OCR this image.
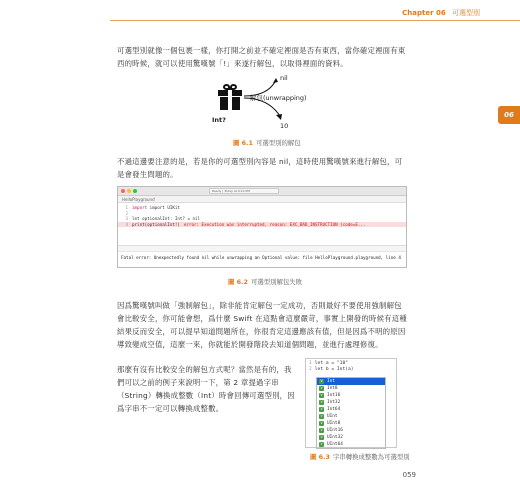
Chapter 06 可選型別
06

可選型別就像一個包裹一樣，你打開之前並不確定裡面是否有東西，當你確定裡面有東西的時候，就可以使用驚嘆號「!」來遂行解包，以取得裡面的資料。

nil
解包(unwrapping)
Int?
10
圖 6.1 可選型別的解包

不過這邊要注意的是，若是你的可選型別內容是 nil，這時使用驚嘆號來進行解包，可是會發生問題的。

Ready | Today at 9:10 PM
HelloPlayground
1 import import UIKit
2
3 let optionalInt: Int? = nil
4 print(optionalInt!) error: Execution was interrupted, reason: EXC_BAD_INSTRUCTION (code=E...
Fatal error: Unexpectedly found nil while unwrapping an Optional value: file HelloPlayground.playground, line 4
圖 6.2 可選型別解包失敗

因爲驚嘆號叫做「強制解包」，除非能肯定解包一定成功，否則最好不要使用強制解包會比較安全，你可能會想，爲什麼 Swift 在這點會這麼嚴苛，事實上開發的時候有這種結果反而安全，可以提早知道問題所在，你很肯定這邊應該有值，但是因爲不明的原因導致變成空值，這麼一來，你就能於開發階段去知道個問題，並進行處理修復。

那麼有沒有比較安全的解包方式呢？當然是有的，我們可以之前的例子來說明一下，第 2 章提過字串（String）轉換成整數（Int）時會回傳可選型別，因爲字串不一定可以轉換成整數。

1 let a = "10"
2 let b = Int(a)
V	Int
V	Int8
V	Int16
V	Int32
V	Int64
V	UInt
V	UInt8
V	UInt16
V	UInt32
V	UInt64
圖 6.3 字串轉換成整數為可選型別
059
